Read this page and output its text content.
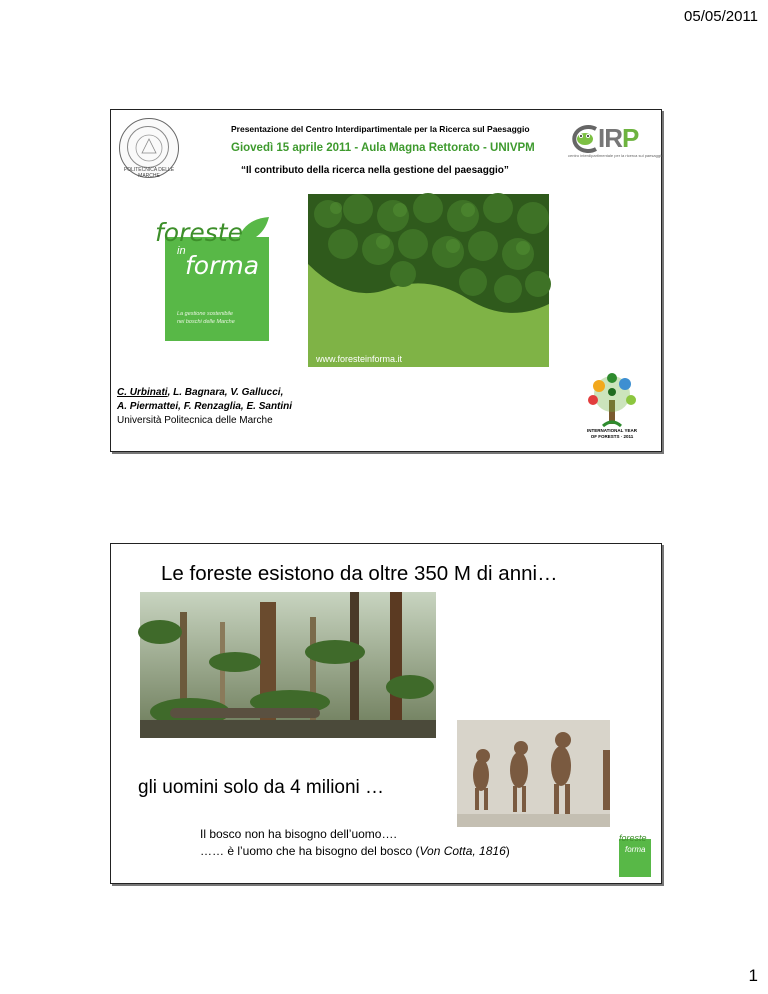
05/05/2011
POLITECNICA DELLE MARCHE
Presentazione del Centro Interdipartimentale per la Ricerca sul Paesaggio
Giovedì 15 aprile 2011 - Aula Magna Rettorato - UNIVPM
“Il contributo della ricerca nella gestione del paesaggio”
IRP
centro interdipartimentale per la ricerca sul paesaggio
foreste
in forma
La gestione sostenibile
nei boschi delle Marche
www.foresteinforma.it
C. Urbinati, L. Bagnara, V. Gallucci,
A. Piermattei, F. Renzaglia, E. Santini
Università Politecnica delle Marche
INTERNATIONAL YEAR
OF FORESTS · 2011
Le foreste esistono da oltre 350 M di anni…
gli uomini solo da 4 milioni …
Il bosco non ha bisogno dell’uomo….
…… è l’uomo che ha bisogno del bosco (Von Cotta, 1816)
foreste
forma
1
